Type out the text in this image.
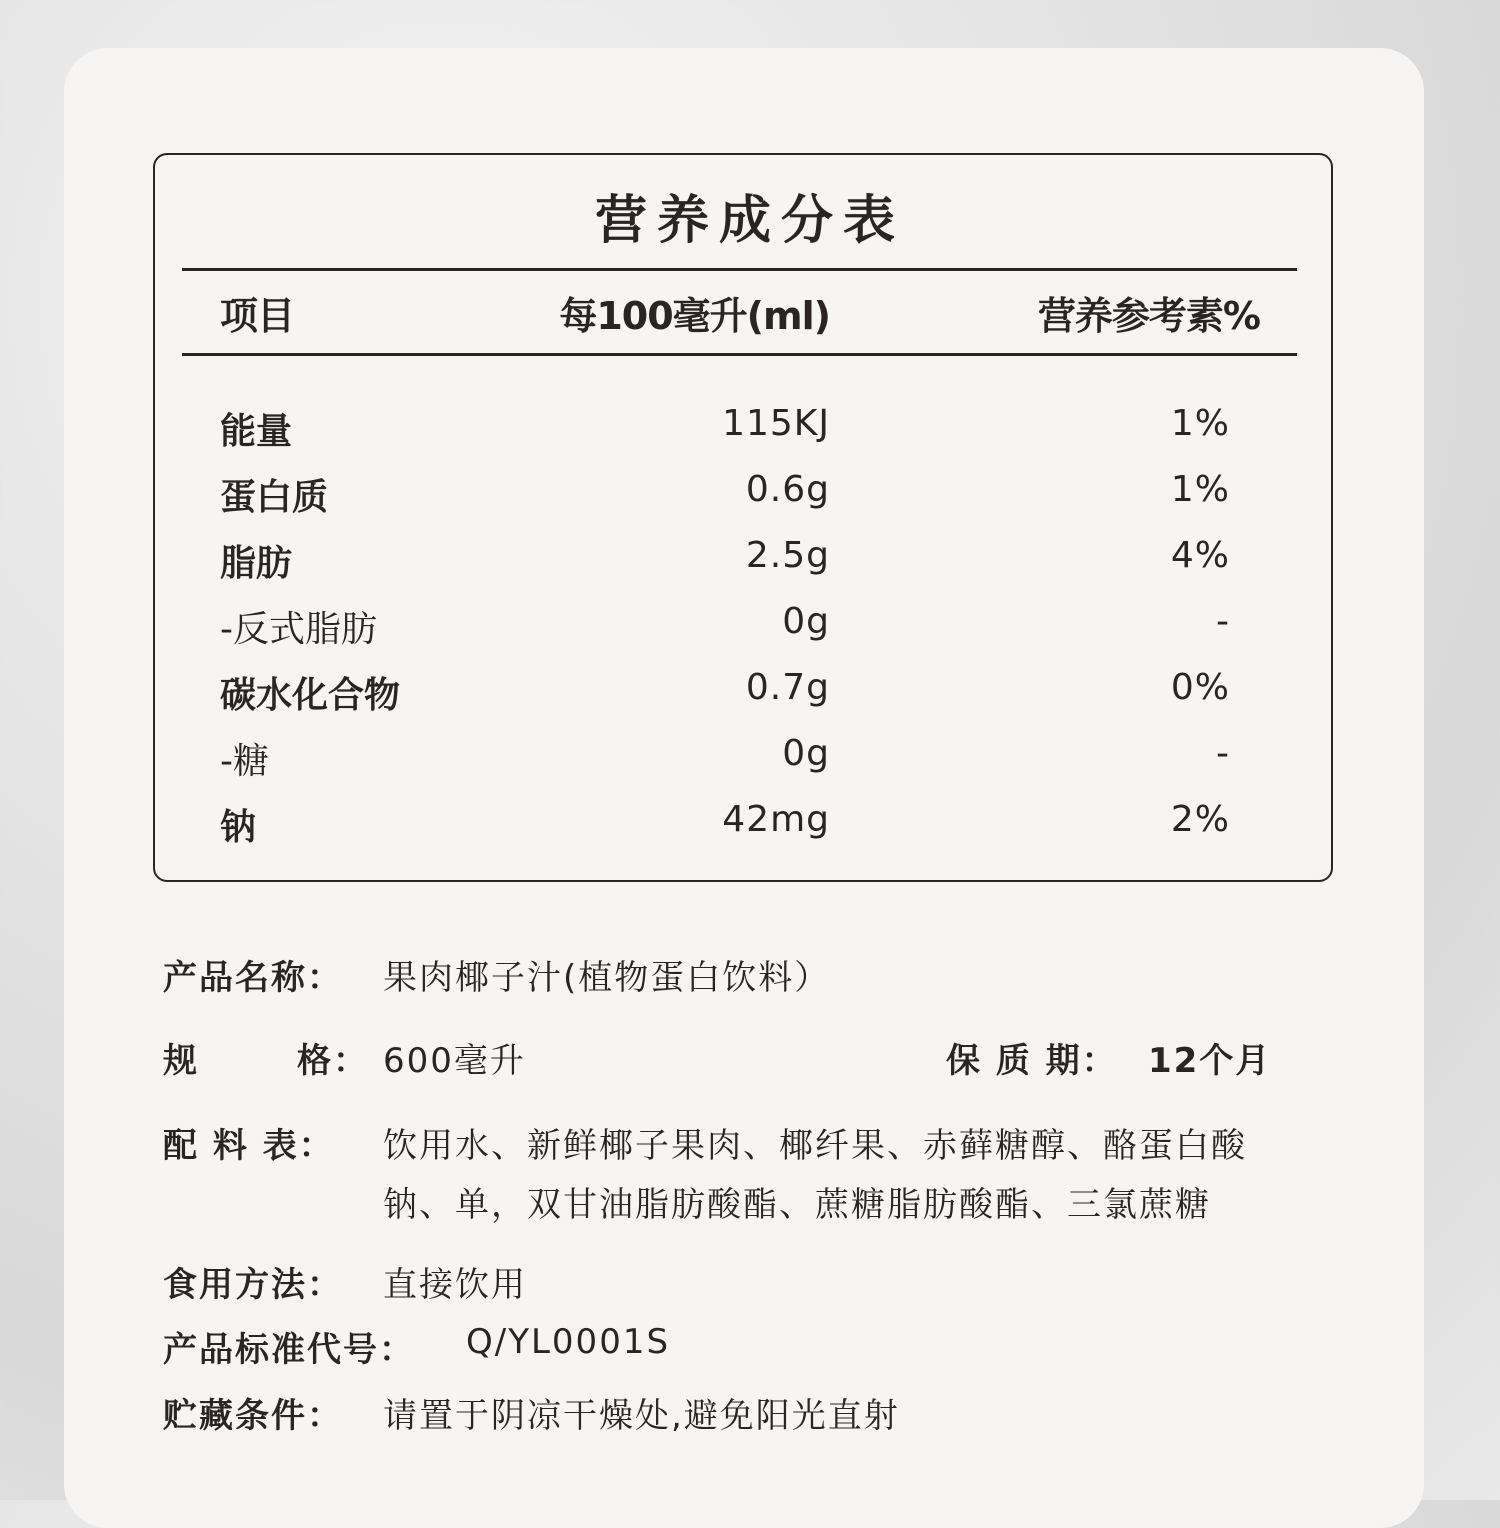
营养成分表
项目	每100毫升(ml)	营养参考素%
能量	115KJ	1%
蛋白质	0.6g	1%
脂肪	2.5g	4%
-反式脂肪	0g	-
碳水化合物	0.7g	0%
-糖	0g	-
钠	42mg	2%
产品名称： 果肉椰子汁(植物蛋白饮料）
规	格： 600毫升	保 质 期： 12个月
配 料 表： 饮用水、新鲜椰子果肉、椰纤果、赤藓糖醇、酪蛋白酸
钠、单，双甘油脂肪酸酯、蔗糖脂肪酸酯、三氯蔗糖
食用方法： 直接饮用
产品标准代号： Q/YL0001S
贮藏条件： 请置于阴凉干燥处,避免阳光直射
